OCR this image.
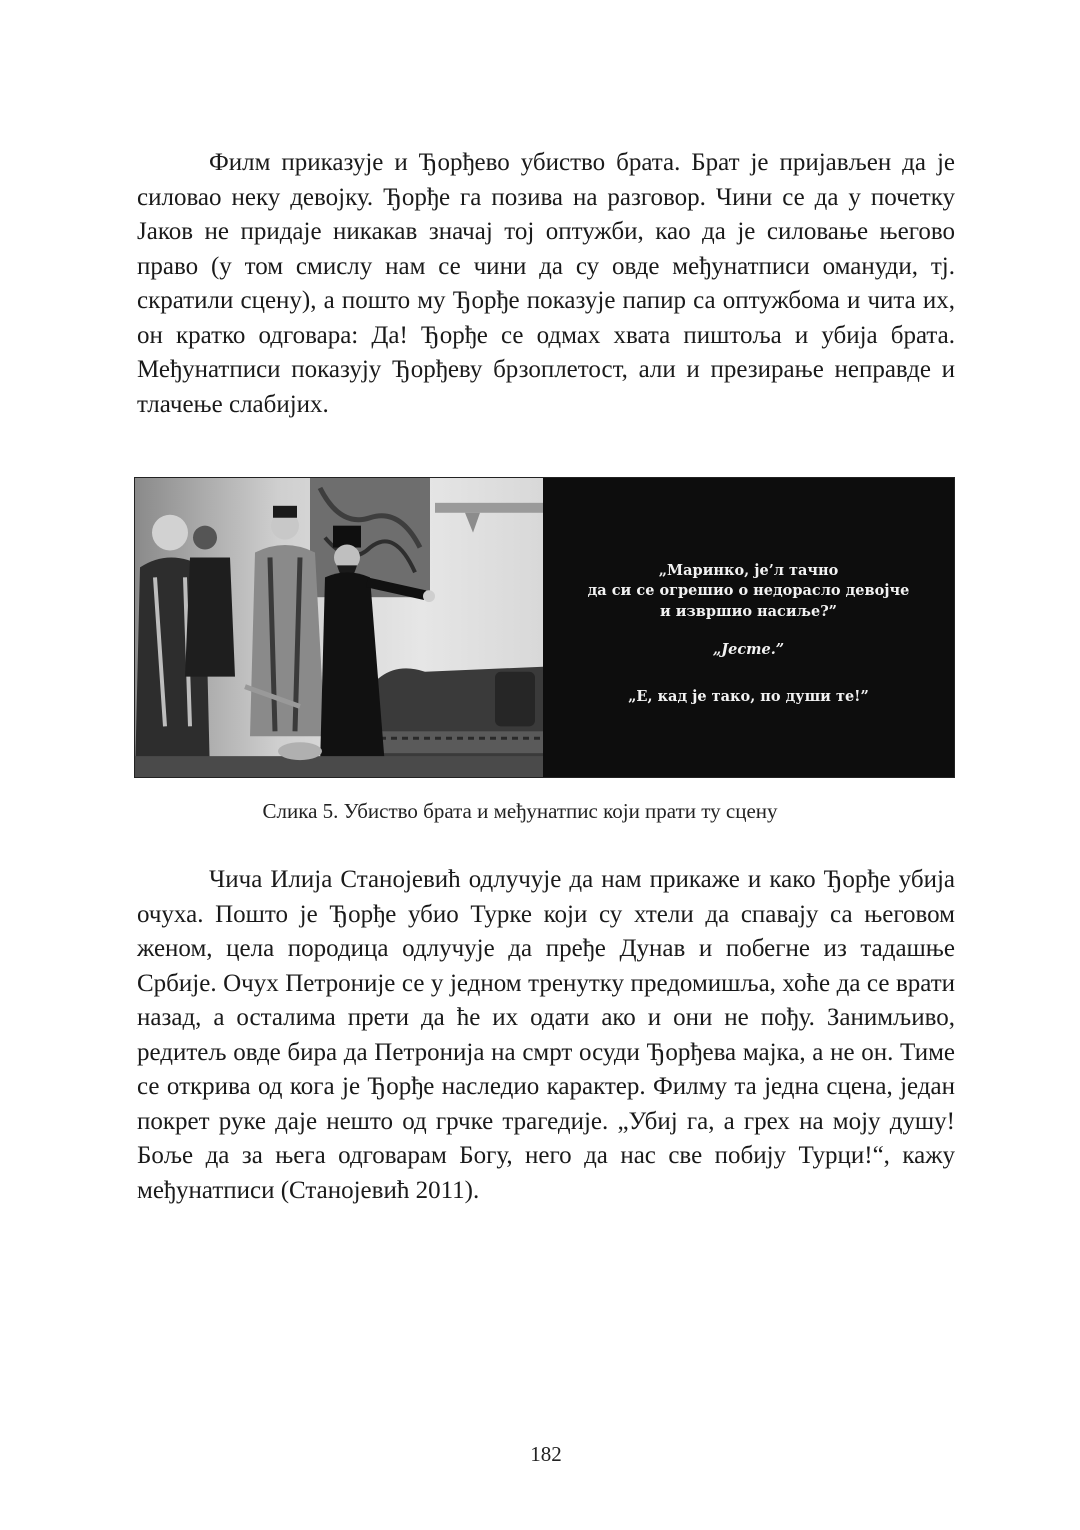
Филм приказује и Ђорђево убиство брата. Брат је пријављен да је силовао неку девојку. Ђорђе га позива на разговор. Чини се да у почетку Јаков не придаје никакав значај тој оптужби, као да је силовање његово право (у том смислу нам се чини да су овде међунатписи омануди, тј. скратили сцену), а пошто му Ђорђе показује папир са оптужбома и чита их, он кратко одговара: Да! Ђорђе се одмах хвата пиштоља и убија брата. Међунатписи показују Ђорђеву брзоплетост, али и презирање неправде и тлачење слабијих.

„Маринко, је’л тачно
да си се огрешио о недорасло девојче
и извршио насиље?”
„Jесте.”
„Е, кад је тако, по души те!”
Слика 5. Убиство брата и међунатпис који прати ту сцену

Чича Илија Станојевић одлучује да нам прикаже и како Ђорђе убија очуха. Пошто је Ђорђе убио Турке који су хтели да спавају са његовом женом, цела породица одлучује да пређе Дунав и побегне из тадашње Србије. Очух Петроније се у једном тренутку предомишља, хоће да се врати назад, а осталима прети да ће их одати ако и они не пођу. Занимљиво, редитељ овде бира да Петронија на смрт осуди Ђорђева мајка, а не он. Тиме се открива од кога је Ђорђе наследио карактер. Филму та једна сцена, један покрет руке даје нешто од грчке трагедије. „Убиј га, а грех на моју душу! Боље да за њега одговарам Богу, него да нас све побију Турци!“, кажу међунатписи (Станојевић 2011).

182
